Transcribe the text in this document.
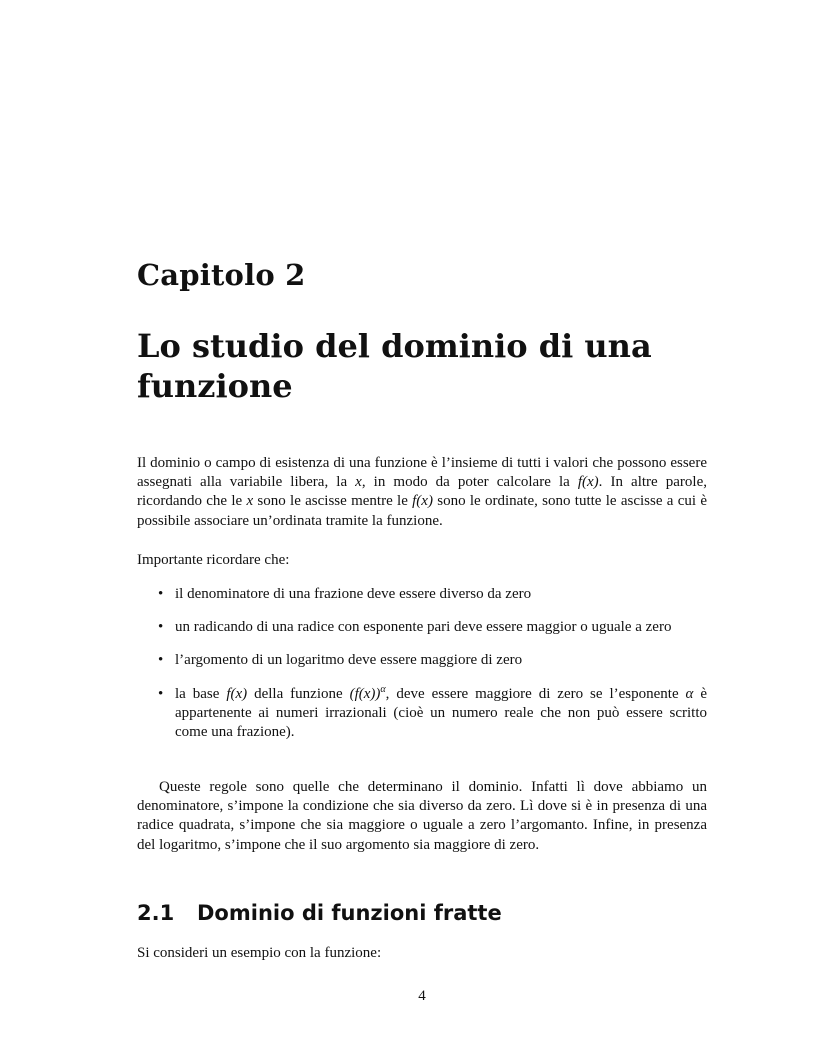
Capitolo 2
Lo studio del dominio di una funzione

Il dominio o campo di esistenza di una funzione è l’insieme di tutti i valori che possono essere assegnati alla variabile libera, la x, in modo da poter calcolare la f(x). In altre parole, ricordando che le x sono le ascisse mentre le f(x) sono le ordinate, sono tutte le ascisse a cui è possibile associare un’ordinata tramite la funzione.

Importante ricordare che:

• il denominatore di una frazione deve essere diverso da zero
• un radicando di una radice con esponente pari deve essere maggior o uguale a zero
• l’argomento di un logaritmo deve essere maggiore di zero
• la base f(x) della funzione $(f(x))^\alpha$, deve essere maggiore di zero se l’esponente α è appartenente ai numeri irrazionali (cioè un numero reale che non può essere scritto come una frazione).

Queste regole sono quelle che determinano il dominio. Infatti lì dove abbiamo un denominatore, s’impone la condizione che sia diverso da zero. Lì dove si è in presenza di una radice quadrata, s’impone che sia maggiore o uguale a zero l’argomanto. Infine, in presenza del logaritmo, s’impone che il suo argomento sia maggiore di zero.

2.1 Dominio di funzioni fratte

Si consideri un esempio con la funzione:

4
